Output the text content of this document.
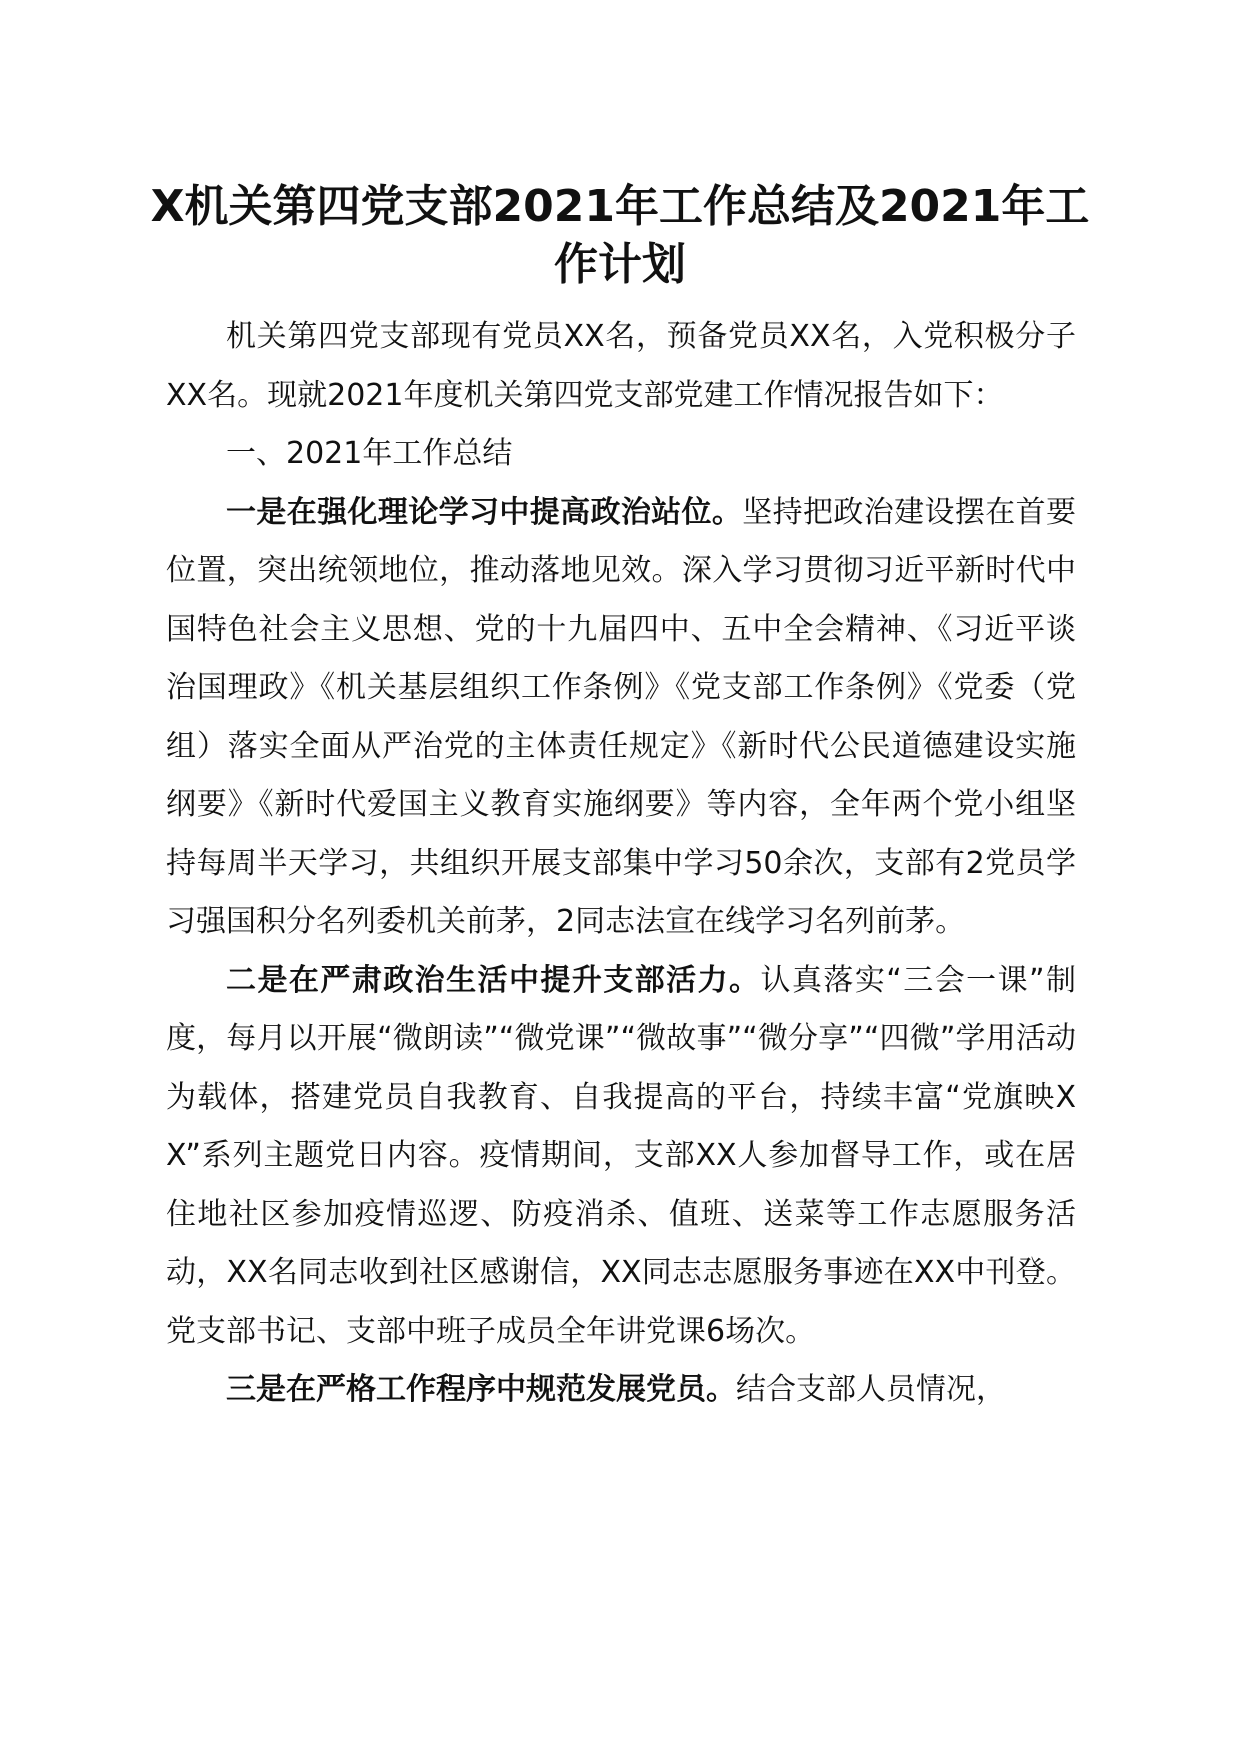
X机关第四党支部2021年工作总结及2021年工作计划

机关第四党支部现有党员XX名，预备党员XX名，入党积极分子XX名。现就2021年度机关第四党支部党建工作情况报告如下：

一、2021年工作总结

一是在强化理论学习中提高政治站位。坚持把政治建设摆在首要位置，突出统领地位，推动落地见效。深入学习贯彻习近平新时代中国特色社会主义思想、党的十九届四中、五中全会精神、《习近平谈治国理政》《机关基层组织工作条例》《党支部工作条例》《党委（党组）落实全面从严治党的主体责任规定》《新时代公民道德建设实施纲要》《新时代爱国主义教育实施纲要》等内容，全年两个党小组坚持每周半天学习，共组织开展支部集中学习50余次，支部有2党员学习强国积分名列委机关前茅，2同志法宣在线学习名列前茅。

二是在严肃政治生活中提升支部活力。认真落实“三会一课”制度，每月以开展“微朗读”“微党课”“微故事”“微分享”“四微”学用活动为载体，搭建党员自我教育、自我提高的平台，持续丰富“党旗映XX”系列主题党日内容。疫情期间，支部XX人参加督导工作，或在居住地社区参加疫情巡逻、防疫消杀、值班、送菜等工作志愿服务活动，XX名同志收到社区感谢信，XX同志志愿服务事迹在XX中刊登。党支部书记、支部中班子成员全年讲党课6场次。

三是在严格工作程序中规范发展党员。结合支部人员情况，
